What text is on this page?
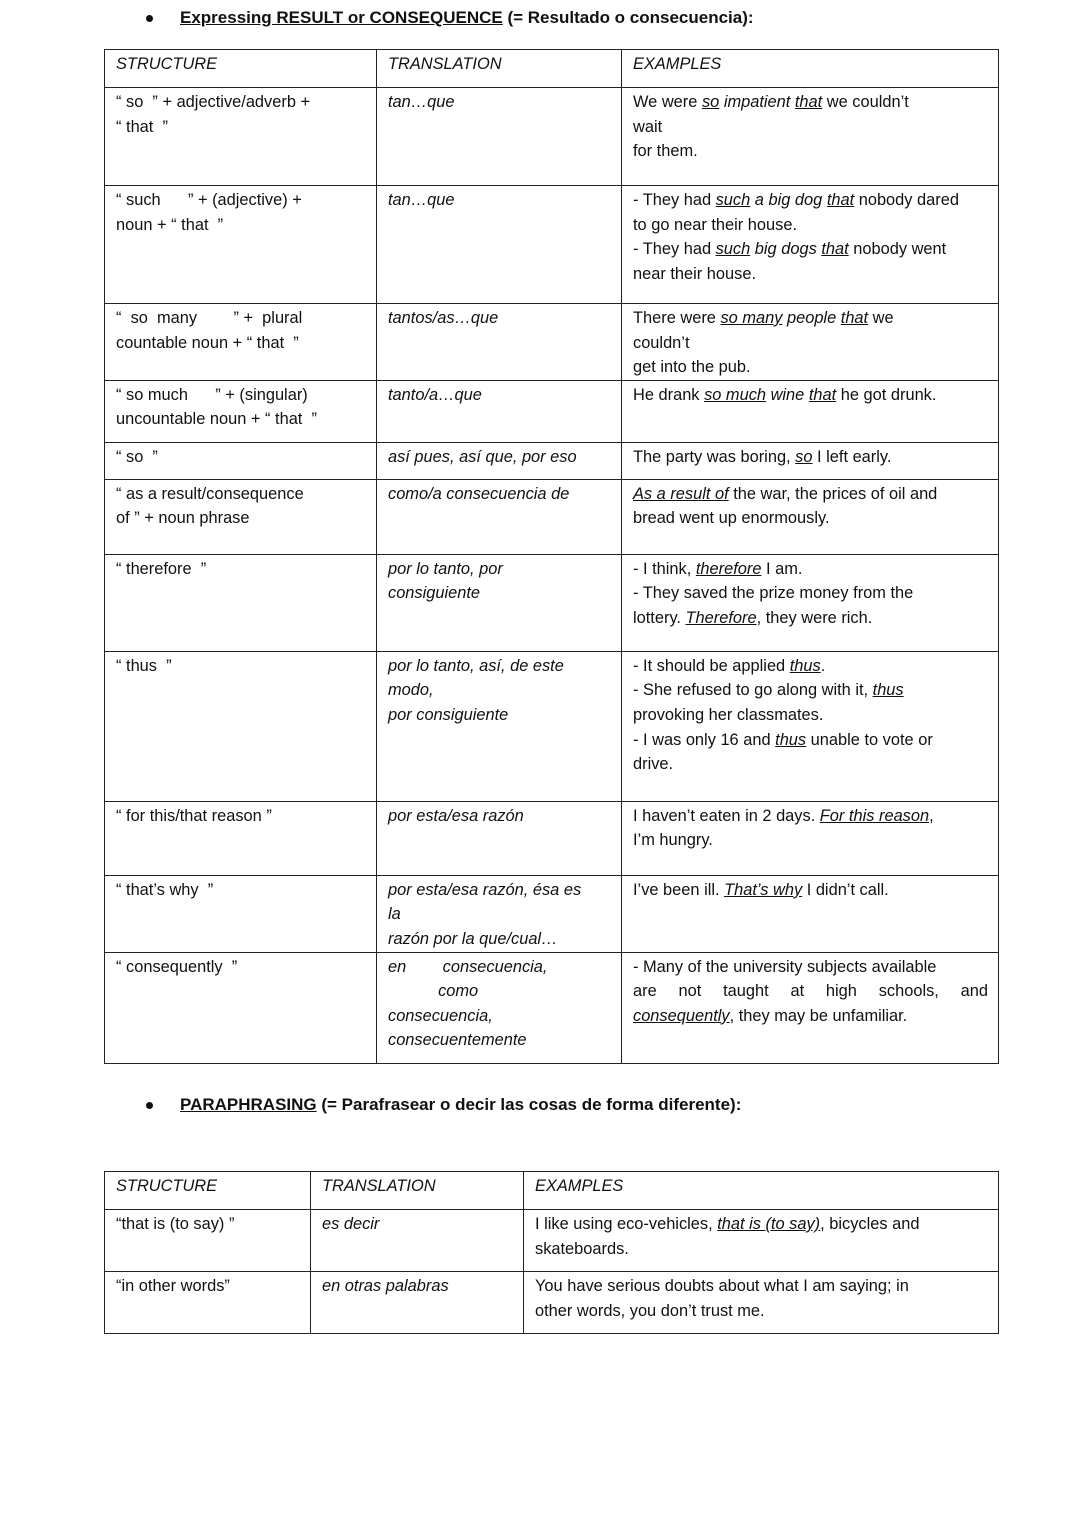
Expressing RESULT or CONSEQUENCE (= Resultado o consecuencia):
STRUCTURE	TRANSLATION	EXAMPLES

“ so  ” + adjective/adverb +
“ that  ”	tan…que	We were so impatient that we couldn’t
wait
for them.

“ such      ” + (adjective) +
noun + “ that  ”	tan…que	- They had such a big dog that nobody dared
to go near their house.
- They had such big dogs that nobody went
near their house.

“  so  many        ” +  plural
countable noun + “ that  ”	tantos/as…que	There were so many people that we
couldn’t
get into the pub.

“ so much      ” + (singular)
uncountable noun + “ that  ”	tanto/a…que	He drank so much wine that he got drunk.

“ so  ”	así pues, así que, por eso	The party was boring, so I left early.

“ as a result/consequence
of ” + noun phrase	como/a consecuencia de	As a result of the war, the prices of oil and
bread went up enormously.

“ therefore  ”	por lo tanto, por
consiguiente	- I think, therefore I am.
- They saved the prize money from the
lottery. Therefore, they were rich.

“ thus  ”	por lo tanto, así, de este
modo,
por consiguiente	- It should be applied thus.
- She refused to go along with it, thus
provoking her classmates.
- I was only 16 and thus unable to vote or
drive.

“ for this/that reason ”	por esta/esa razón	I haven’t eaten in 2 days. For this reason,
I’m hungry.

“ that’s why  ”	por esta/esa razón, ésa es
la
razón por la que/cual…	I’ve been ill. That’s why I didn’t call.

“ consequently  ”	en        consecuencia,
como
consecuencia,
consecuentemente	- Many of the university subjects available
are not taught at high schools, and
consequently, they may be unfamiliar.
PARAPHRASING (= Parafrasear o decir las cosas de forma diferente):
STRUCTURE	TRANSLATION	EXAMPLES

“that is (to say) ”	es decir	I like using eco-vehicles, that is (to say), bicycles and
skateboards.

“in other words”	en otras palabras	You have serious doubts about what I am saying; in
other words, you don’t trust me.
